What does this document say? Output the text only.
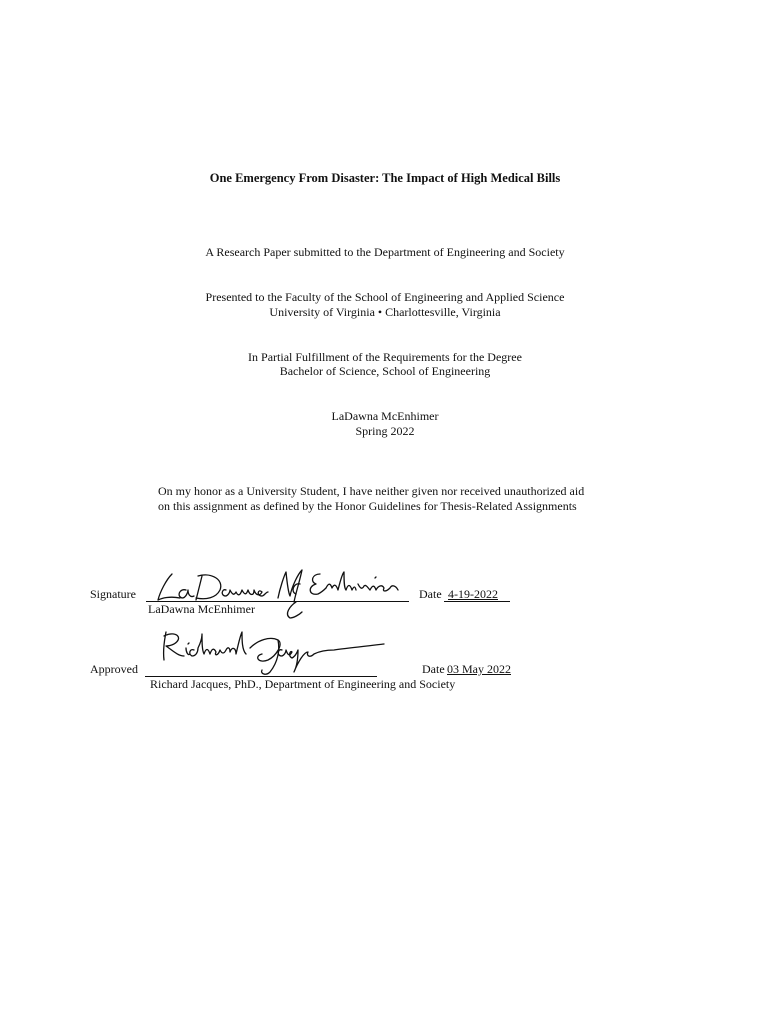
One Emergency From Disaster: The Impact of High Medical Bills
A Research Paper submitted to the Department of Engineering and Society
Presented to the Faculty of the School of Engineering and Applied Science
University of Virginia • Charlottesville, Virginia
In Partial Fulfillment of the Requirements for the Degree
Bachelor of Science, School of Engineering
LaDawna McEnhimer
Spring 2022
On my honor as a University Student, I have neither given nor received unauthorized aid
on this assignment as defined by the Honor Guidelines for Thesis-Related Assignments
Signature	Date 4-19-2022
LaDawna McEnhimer
Approved	Date 03 May 2022
Richard Jacques, PhD., Department of Engineering and Society
